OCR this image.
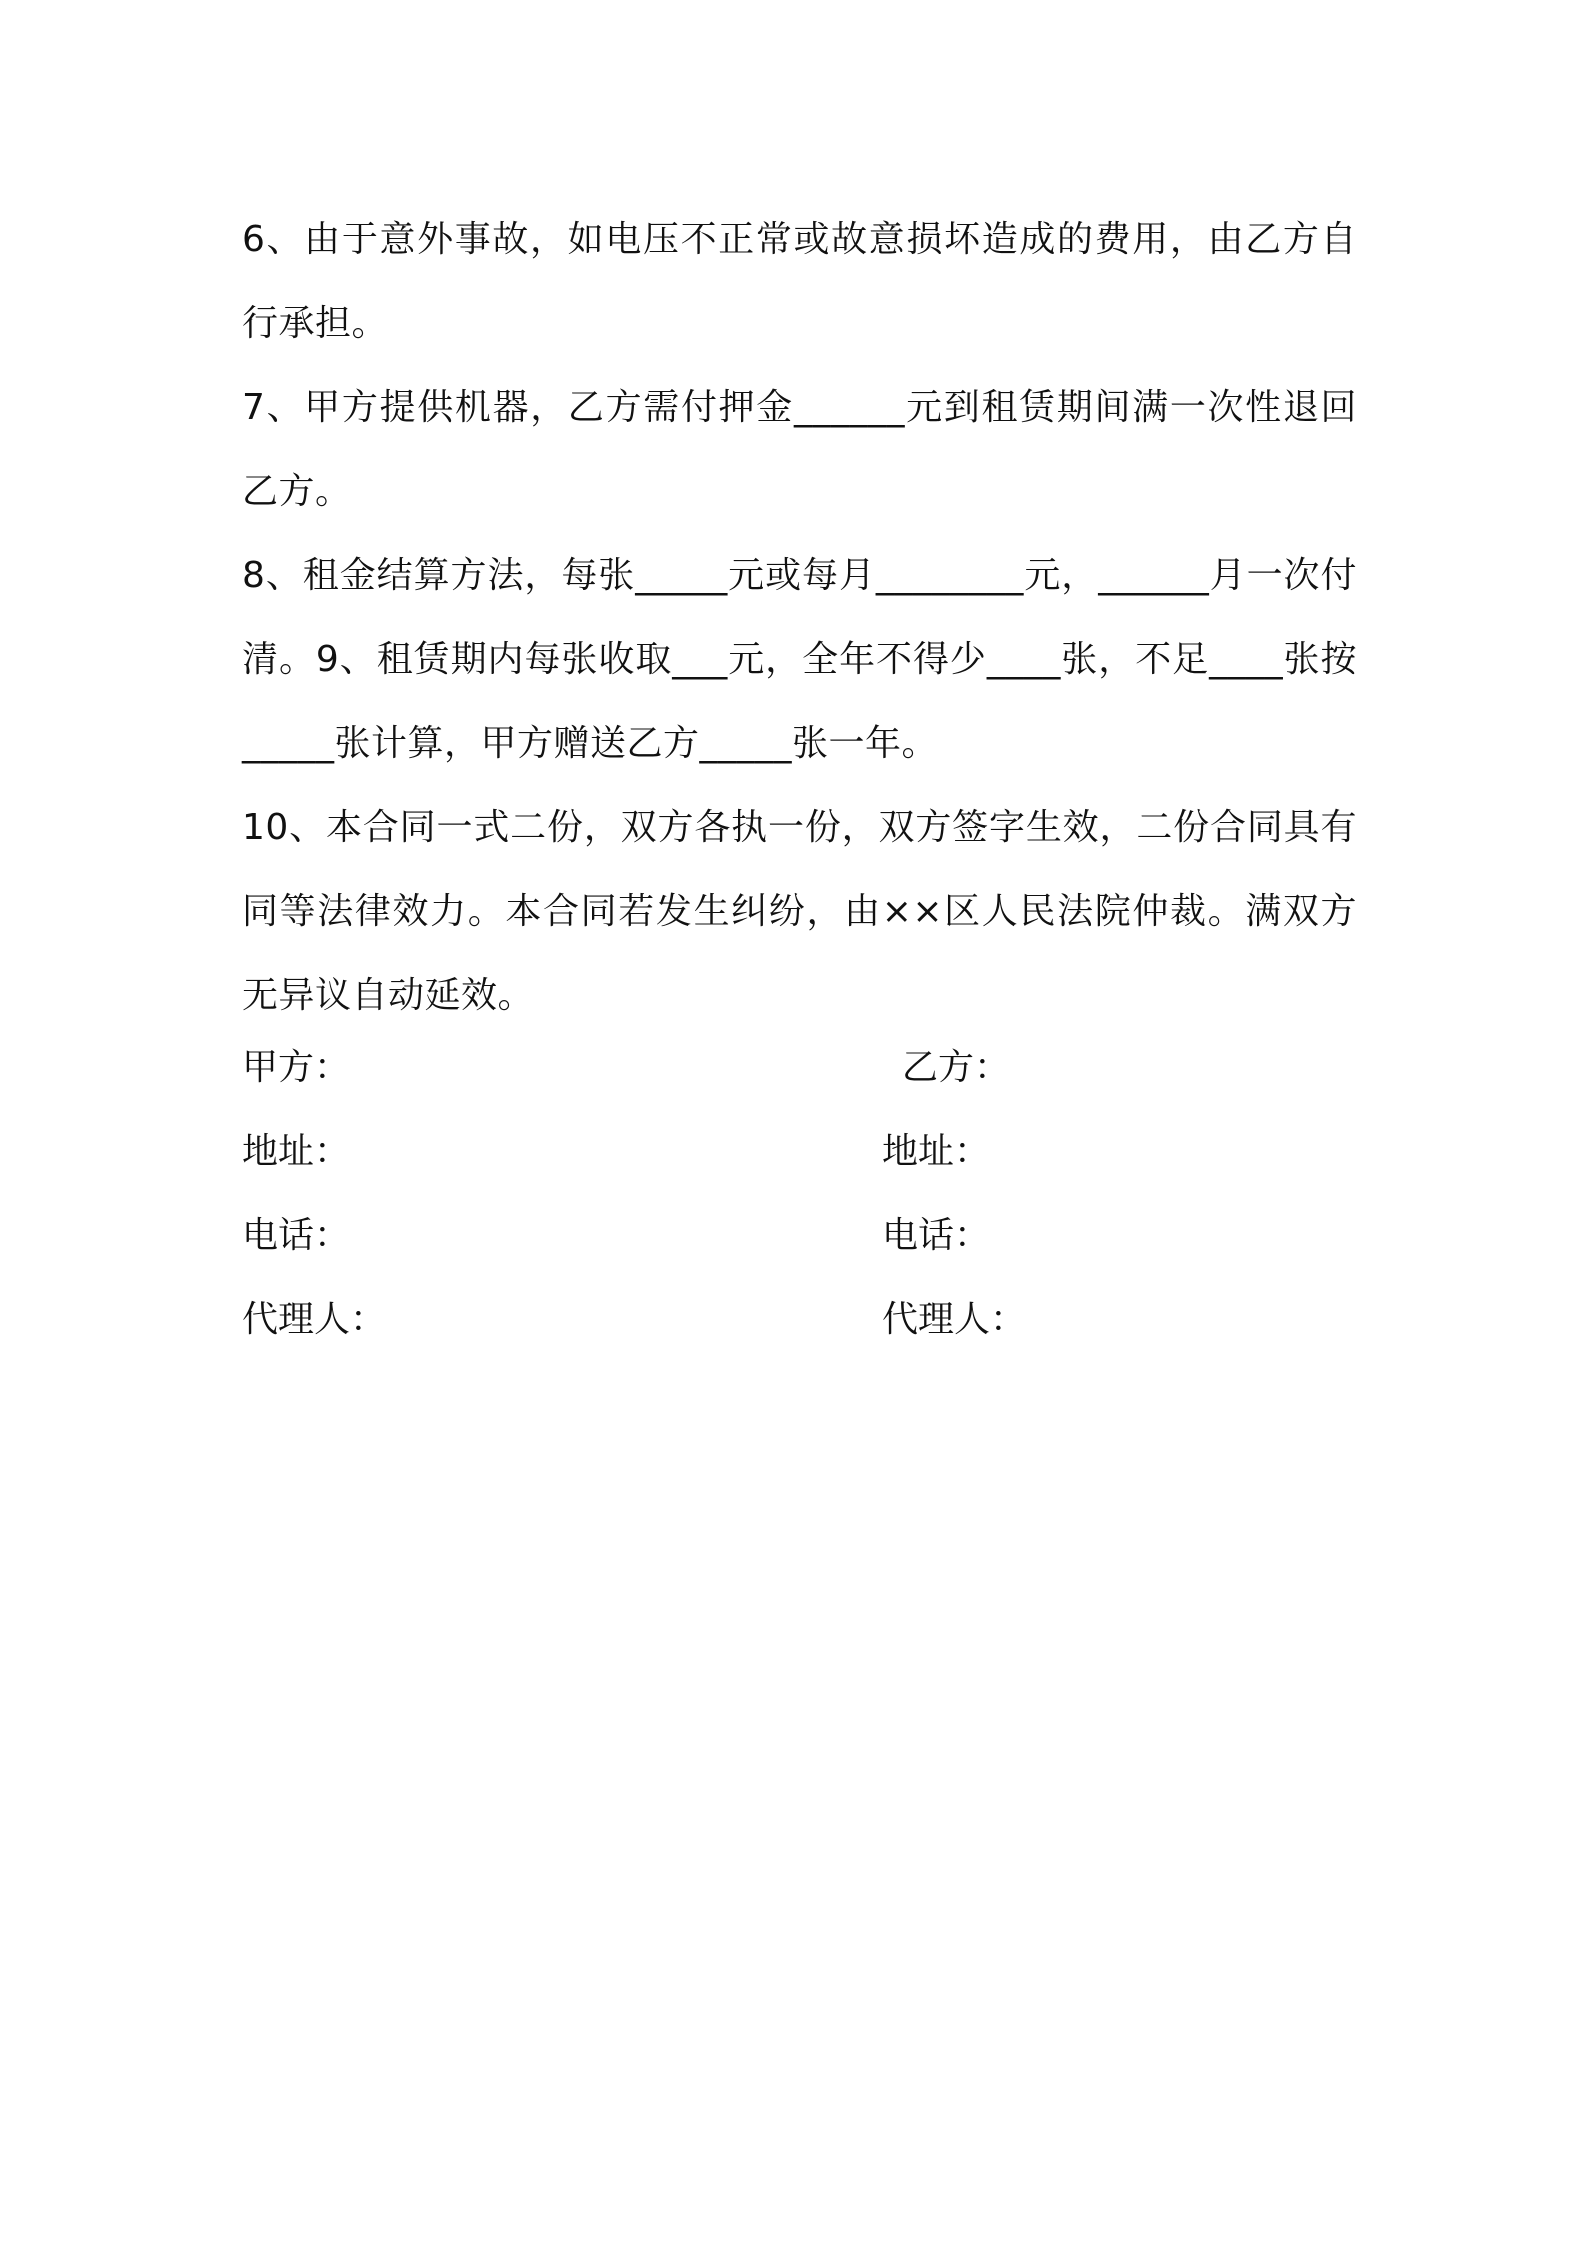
6、由于意外事故，如电压不正常或故意损坏造成的费用，由乙方自行承担。

7、甲方提供机器，乙方需付押金______元到租赁期间满一次性退回乙方。

8、租金结算方法，每张_____元或每月________元，______月一次付清。9、租赁期内每张收取___元，全年不得少____张，不足____张按_____张计算，甲方赠送乙方_____张一年。

10、本合同一式二份，双方各执一份，双方签字生效，二份合同具有同等法律效力。本合同若发生纠纷，由××区人民法院仲裁。满双方无异议自动延效。

甲方：	乙方：
地址：	地址：
电话：	电话：
代理人：	代理人：
